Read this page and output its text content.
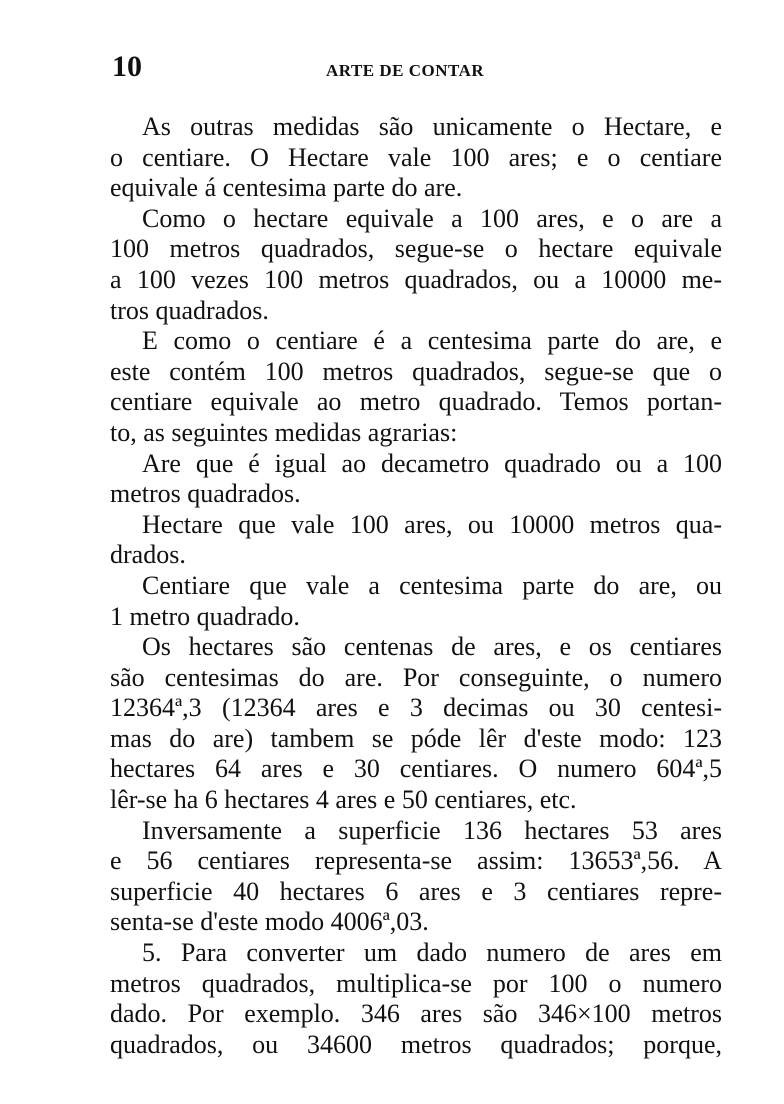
10	ARTE DE CONTAR
As outras medidas são unicamente o Hectare, e
o centiare. O Hectare vale 100 ares; e o centiare
equivale á centesima parte do are.
Como o hectare equivale a 100 ares, e o are a
100 metros quadrados, segue-se o hectare equivale
a 100 vezes 100 metros quadrados, ou a 10000 me-
tros quadrados.
E como o centiare é a centesima parte do are, e
este contém 100 metros quadrados, segue-se que o
centiare equivale ao metro quadrado. Temos portan-
to, as seguintes medidas agrarias:
Are que é igual ao decametro quadrado ou a 100
metros quadrados.
Hectare que vale 100 ares, ou 10000 metros qua-
drados.
Centiare que vale a centesima parte do are, ou
1 metro quadrado.
Os hectares são centenas de ares, e os centiares
são centesimas do are. Por conseguinte, o numero
12364ª,3 (12364 ares e 3 decimas ou 30 centesi-
mas do are) tambem se póde lêr d'este modo: 123
hectares 64 ares e 30 centiares. O numero 604ª,5
lêr-se ha 6 hectares 4 ares e 50 centiares, etc.
Inversamente a superficie 136 hectares 53 ares
e 56 centiares representa-se assim: 13653ª,56. A
superficie 40 hectares 6 ares e 3 centiares repre-
senta-se d'este modo 4006ª,03.
5. Para converter um dado numero de ares em
metros quadrados, multiplica-se por 100 o numero
dado. Por exemplo. 346 ares são 346×100 metros
quadrados, ou 34600 metros quadrados; porque,
